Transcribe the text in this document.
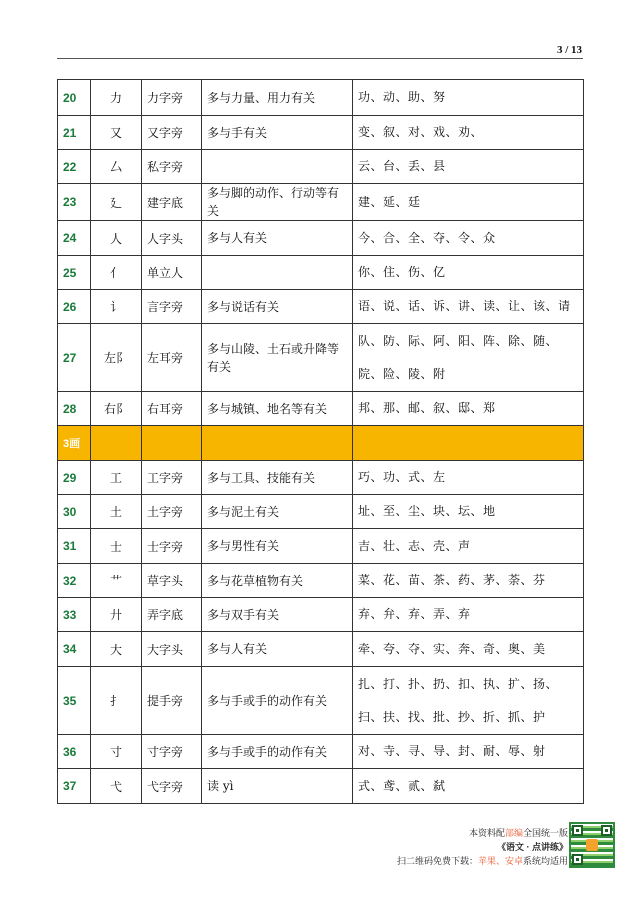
3 / 13
20	力	力字旁	多与力量、用力有关	功、动、助、努
21	又	又字旁	多与手有关	变、叙、对、戏、劝、
22	厶	私字旁		云、台、丢、县
23	廴	建字底	多与脚的动作、行动等有关	建、延、廷
24	人	人字头	多与人有关	今、合、全、夺、令、众
25	亻	单立人		你、住、伤、亿
26	讠	言字旁	多与说话有关	语、说、话、诉、讲、读、让、该、请
27	左阝	左耳旁	多与山陵、土石或升降等有关	队、防、际、阿、阳、阵、除、随、院、险、陵、附
28	右阝	右耳旁	多与城镇、地名等有关	邦、那、邮、叙、邸、郑
3画				
29	工	工字旁	多与工具、技能有关	巧、功、式、左
30	土	土字旁	多与泥土有关	址、至、尘、块、坛、地
31	士	士字旁	多与男性有关	吉、壮、志、壳、声
32	艹	草字头	多与花草植物有关	菜、花、苗、茶、药、茅、荼、芬
33	廾	弄字底	多与双手有关	弃、弁、弃、弄、弃
34	大	大字头	多与人有关	牵、夸、夺、实、奔、奇、奥、美
35	扌	提手旁	多与手或手的动作有关	扎、打、扑、扔、扣、执、扩、扬、扫、扶、找、批、抄、折、抓、护
36	寸	寸字旁	多与手或手的动作有关	对、寺、寻、导、封、耐、辱、射
37	弋	弋字旁	读 yì	式、鸢、贰、弑
本资料配部编全国统一版
《语文 · 点讲练》
扫二维码免费下载：苹果、安卓系统均适用
